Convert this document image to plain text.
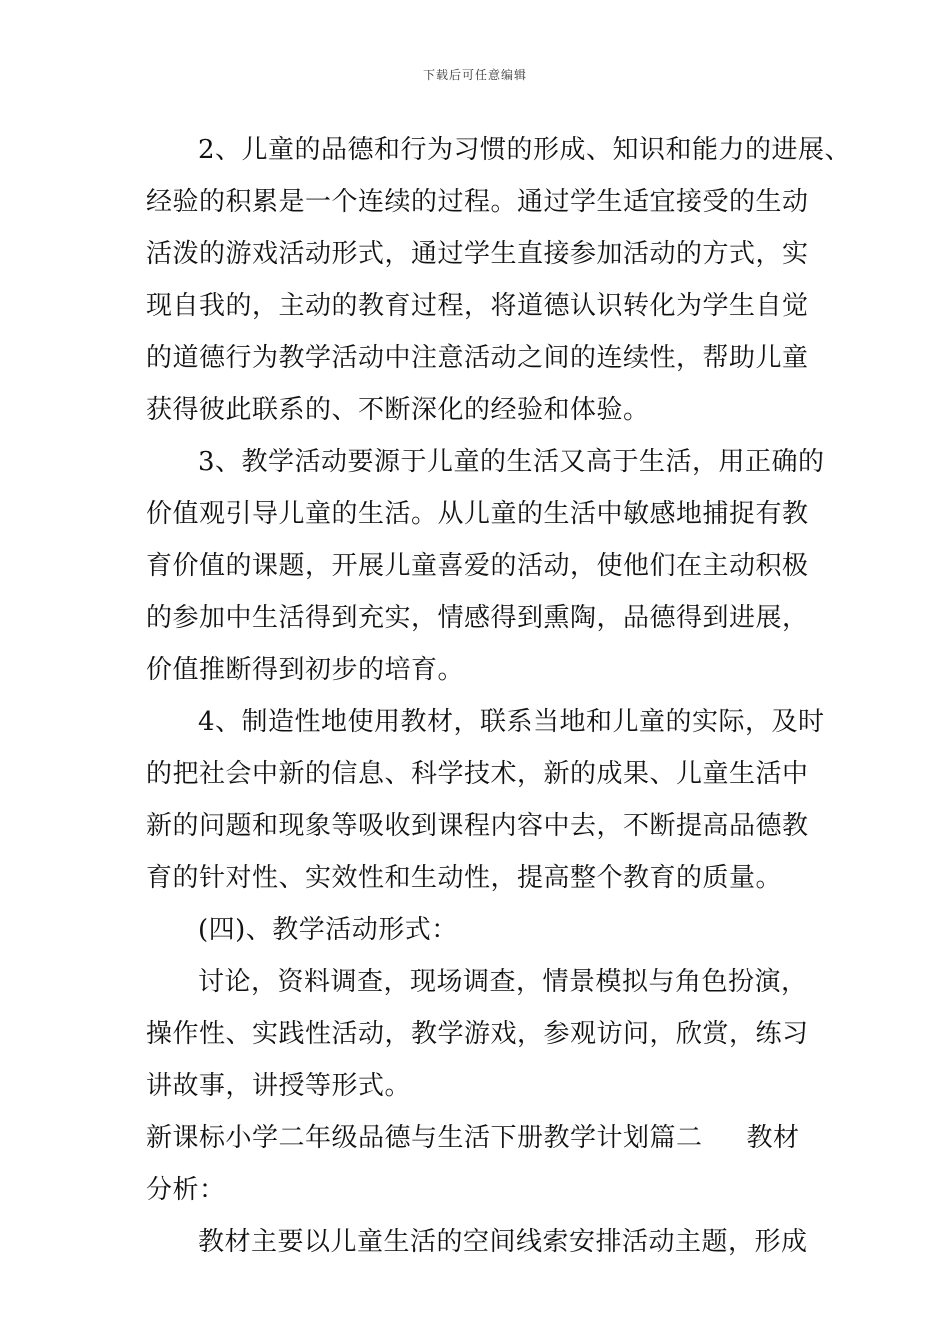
下载后可任意编辑
2、儿童的品德和行为习惯的形成、知识和能力的进展、
经验的积累是一个连续的过程。通过学生适宜接受的生动
活泼的游戏活动形式，通过学生直接参加活动的方式，实
现自我的，主动的教育过程，将道德认识转化为学生自觉
的道德行为教学活动中注意活动之间的连续性，帮助儿童
获得彼此联系的、不断深化的经验和体验。
3、教学活动要源于儿童的生活又高于生活，用正确的
价值观引导儿童的生活。从儿童的生活中敏感地捕捉有教
育价值的课题，开展儿童喜爱的活动，使他们在主动积极
的参加中生活得到充实，情感得到熏陶，品德得到进展，
价值推断得到初步的培育。
4、制造性地使用教材，联系当地和儿童的实际，及时
的把社会中新的信息、科学技术，新的成果、儿童生活中
新的问题和现象等吸收到课程内容中去，不断提高品德教
育的针对性、实效性和生动性，提高整个教育的质量。
(四)、教学活动形式：
讨论，资料调查，现场调查，情景模拟与角色扮演，
操作性、实践性活动，教学游戏，参观访问，欣赏，练习
讲故事，讲授等形式。
新课标小学二年级品德与生活下册教学计划篇二 教材
分析：
教材主要以儿童生活的空间线索安排活动主题，形成
